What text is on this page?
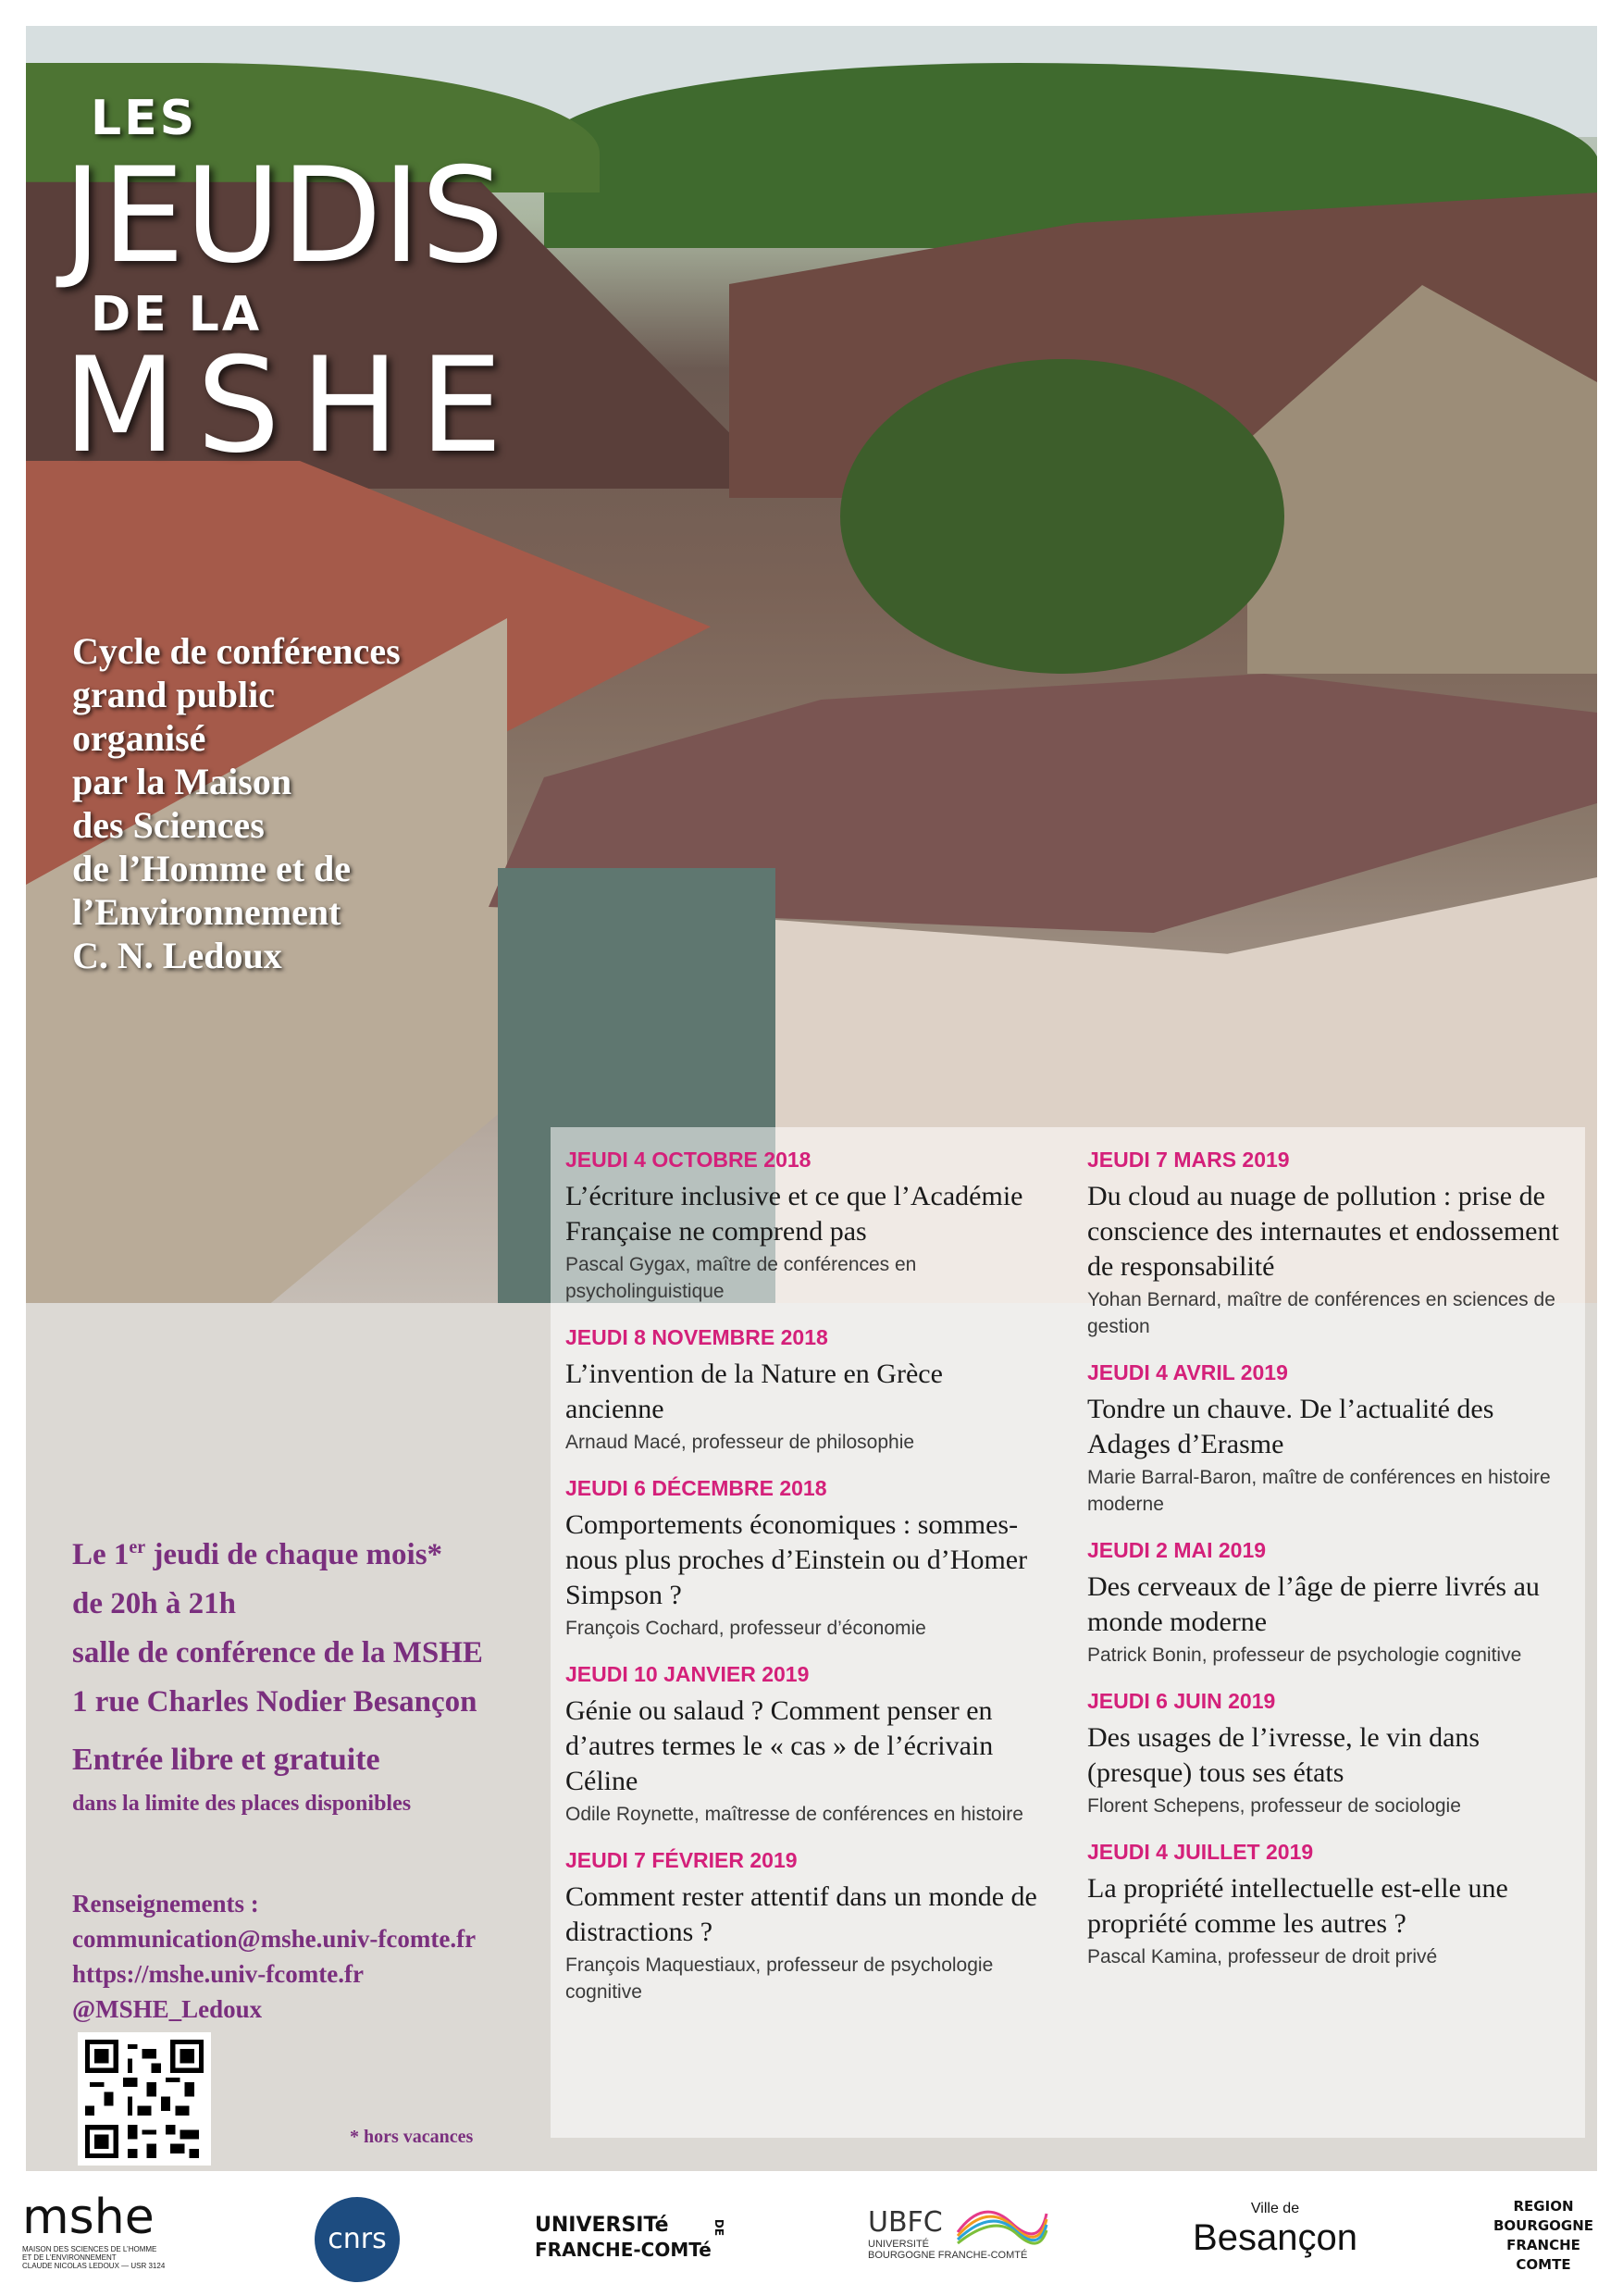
LES
JEUDIS
DE LA
MSHE

Cycle de conférences
grand public
organisé
par la Maison
des Sciences
de l’Homme et de
l’Environnement
C. N. Ledoux

Le 1er jeudi de chaque mois*
de 20h à 21h
salle de conférence de la MSHE
1 rue Charles Nodier Besançon
Entrée libre et gratuite
dans la limite des places disponibles
Renseignements :
communication@mshe.univ-fcomte.fr
https://mshe.univ-fcomte.fr
@MSHE_Ledoux
* hors vacances
JEUDI 4 OCTOBRE 2018
L’écriture inclusive et ce que l’Académie Française ne comprend pas
Pascal Gygax, maître de conférences en psycholinguistique
JEUDI 8 NOVEMBRE 2018
L’invention de la Nature en Grèce ancienne
Arnaud Macé, professeur de philosophie
JEUDI 6 DÉCEMBRE 2018
Comportements économiques : sommes-nous plus proches d’Einstein ou d’Homer Simpson ?
François Cochard, professeur d’économie
JEUDI 10 JANVIER 2019
Génie ou salaud ? Comment penser en d’autres termes le « cas » de l’écrivain Céline
Odile Roynette, maîtresse de conférences en histoire
JEUDI 7 FÉVRIER 2019
Comment rester attentif dans un monde de distractions ?
François Maquestiaux, professeur de psychologie cognitive
JEUDI 7 MARS 2019
Du cloud au nuage de pollution : prise de conscience des internautes et endossement de responsabilité
Yohan Bernard, maître de conférences en sciences de gestion
JEUDI 4 AVRIL 2019
Tondre un chauve. De l’actualité des Adages d’Erasme
Marie Barral-Baron, maître de conférences en histoire moderne
JEUDI 2 MAI 2019
Des cerveaux de l’âge de pierre livrés au monde moderne
Patrick Bonin, professeur de psychologie cognitive
JEUDI 6 JUIN 2019
Des usages de l’ivresse, le vin dans (presque) tous ses états
Florent Schepens, professeur de sociologie
JEUDI 4 JUILLET 2019
La propriété intellectuelle est-elle une propriété comme les autres ?
Pascal Kamina, professeur de droit privé
mshe
MAISON DES SCIENCES DE L’HOMME
ET DE L’ENVIRONNEMENT
CLAUDE NICOLAS LEDOUX — USR 3124
cnrs	UNIVERSITé
FRANCHE-COMTé
DE	UBFC
UNIVERSITÉ
BOURGOGNE FRANCHE-COMTÉ
Ville de
Besançon
REGION
BOURGOGNE
FRANCHE
COMTE
